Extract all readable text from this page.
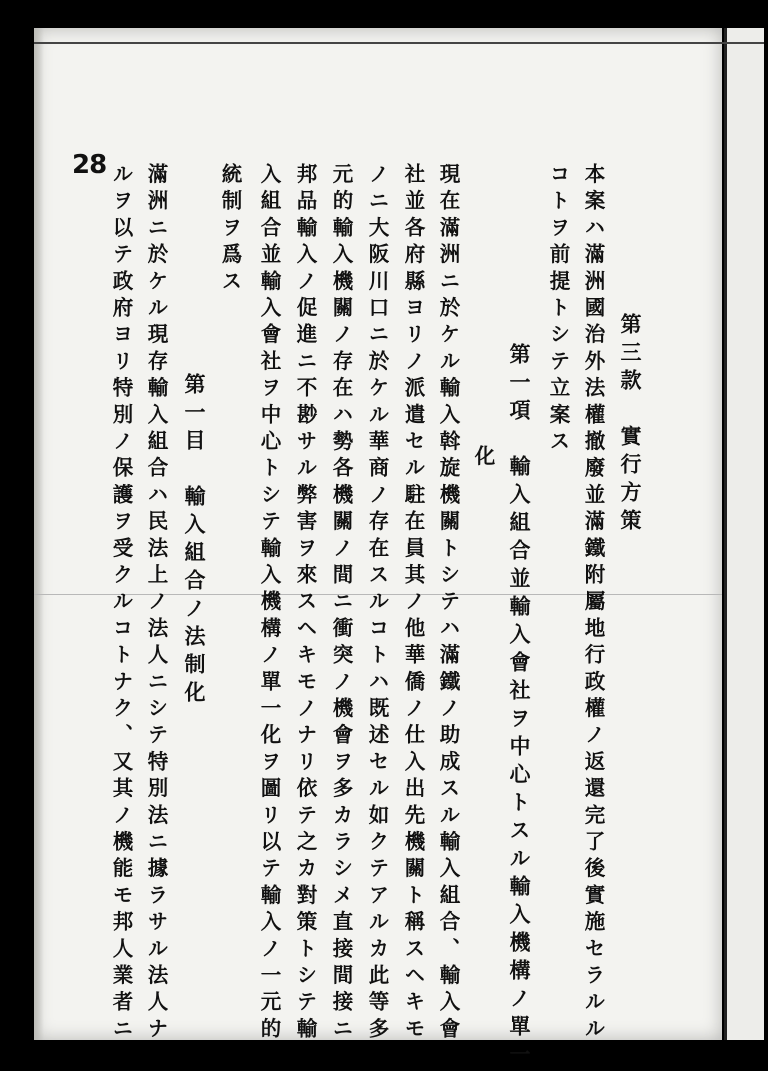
28	本案ハ滿洲國治外法權撤廢並滿鐵附屬地行政權ノ返還完了後實施セラルル
コトヲ前提トシテ立案ス 第三款　實行方策
第一項　輸入組合並輸入會社ヲ中心トスル輸入機構ノ單一
化
現在滿洲ニ於ケル輸入斡旋機關トシテハ滿鐵ノ助成スル輸入組合、輸入會
社並各府縣ヨリノ派遣セル駐在員其ノ他華僑ノ仕入出先機關ト稱スヘキモ
ノニ大阪川口ニ於ケル華商ノ存在スルコトハ既述セル如クテアルカ此等多
元的輸入機關ノ存在ハ勢各機關ノ間ニ衝突ノ機會ヲ多カラシメ直接間接ニ
邦品輸入ノ促進ニ不尠サル弊害ヲ來スヘキモノナリ依テ之カ對策トシテ輸
入組合並輸入會社ヲ中心トシテ輸入機構ノ單一化ヲ圖リ以テ輸入ノ一元的
統制ヲ爲ス
第一目　輸入組合ノ法制化
滿洲ニ於ケル現存輸入組合ハ民法上ノ法人ニシテ特別法ニ據ラサル法人ナ
ルヲ以テ政府ヨリ特別ノ保護ヲ受クルコトナク、又其ノ機能モ邦人業者ニ
